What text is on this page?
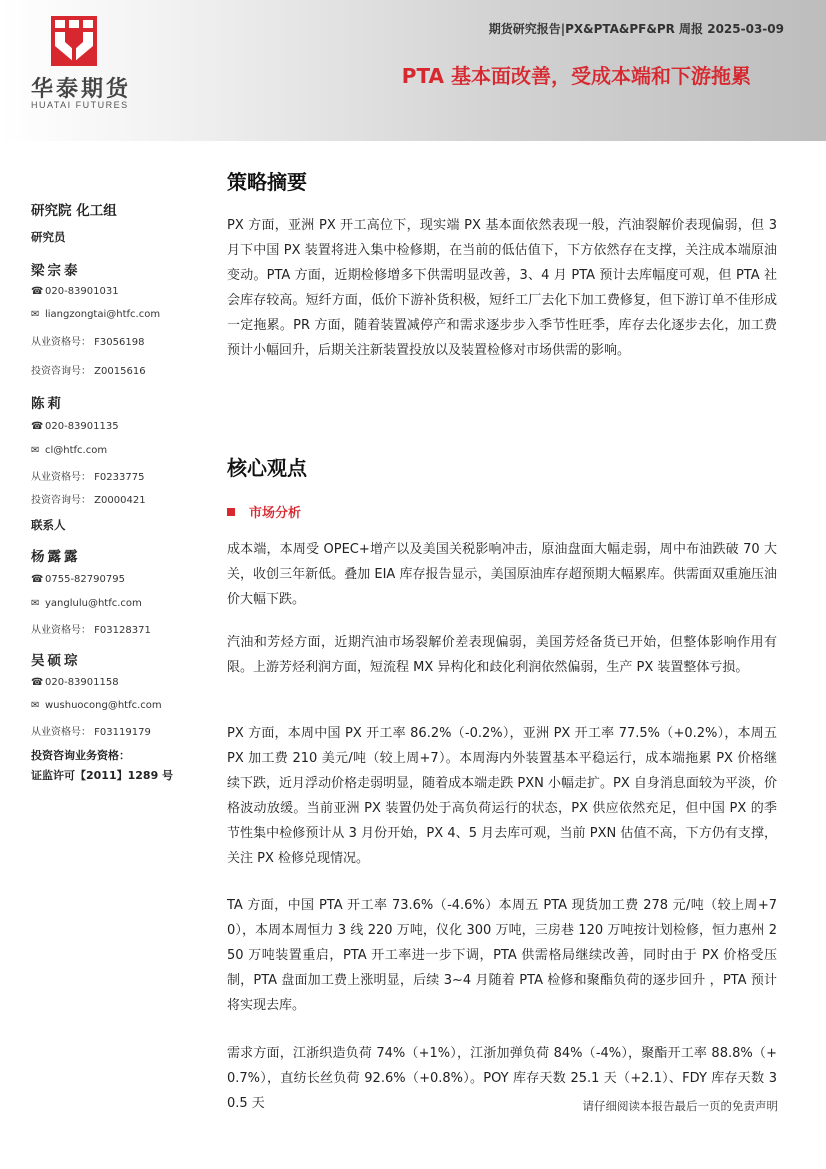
华泰期货
HUATAI FUTURES
期货研究报告|PX&PTA&PF&PR 周报 2025-03-09
PTA 基本面改善，受成本端和下游拖累
研究院 化工组
研究员
梁宗泰
☎ 020-83901031
✉ liangzongtai@htfc.com
从业资格号： F3056198
投资咨询号： Z0015616
陈莉
☎ 020-83901135
✉ cl@htfc.com
从业资格号： F0233775
投资咨询号： Z0000421
联系人
杨露露
☎ 0755-82790795
✉ yanglulu@htfc.com
从业资格号： F03128371
吴硕琮
☎ 020-83901158
✉ wushuocong@htfc.com
从业资格号： F03119179
投资咨询业务资格：
证监许可【2011】1289 号
策略摘要

PX 方面，亚洲 PX 开工高位下，现实端 PX 基本面依然表现一般，汽油裂解价表现偏弱，但 3 月下中国 PX 装置将进入集中检修期，在当前的低估值下，下方依然存在支撑，关注成本端原油变动。PTA 方面，近期检修增多下供需明显改善，3、4 月 PTA 预计去库幅度可观，但 PTA 社会库存较高。短纤方面，低价下游补货积极，短纤工厂去化下加工费修复，但下游订单不佳形成一定拖累。PR 方面，随着装置减停产和需求逐步步入季节性旺季，库存去化逐步去化，加工费预计小幅回升，后期关注新装置投放以及装置检修对市场供需的影响。

核心观点
市场分析

成本端，本周受 OPEC+增产以及美国关税影响冲击，原油盘面大幅走弱，周中布油跌破 70 大关，收创三年新低。叠加 EIA 库存报告显示，美国原油库存超预期大幅累库。供需面双重施压油价大幅下跌。

汽油和芳烃方面，近期汽油市场裂解价差表现偏弱，美国芳烃备货已开始，但整体影响作用有限。上游芳烃利润方面，短流程 MX 异构化和歧化利润依然偏弱，生产 PX 装置整体亏损。

PX 方面，本周中国 PX 开工率 86.2%（-0.2%），亚洲 PX 开工率 77.5%（+0.2%），本周五 PX 加工费 210 美元/吨（较上周+7）。本周海内外装置基本平稳运行，成本端拖累 PX 价格继续下跌，近月浮动价格走弱明显，随着成本端走跌 PXN 小幅走扩。PX 自身消息面较为平淡，价格波动放缓。当前亚洲 PX 装置仍处于高负荷运行的状态，PX 供应依然充足，但中国 PX 的季节性集中检修预计从 3 月份开始，PX 4、5 月去库可观，当前 PXN 估值不高，下方仍有支撑，关注 PX 检修兑现情况。

TA 方面，中国 PTA 开工率 73.6%（-4.6%）本周五 PTA 现货加工费 278 元/吨（较上周+70），本周本周恒力 3 线 220 万吨，仪化 300 万吨，三房巷 120 万吨按计划检修，恒力惠州 250 万吨装置重启，PTA 开工率进一步下调，PTA 供需格局继续改善，同时由于 PX 价格受压制，PTA 盘面加工费上涨明显，后续 3~4 月随着 PTA 检修和聚酯负荷的逐步回升 ，PTA 预计将实现去库。

需求方面，江浙织造负荷 74%（+1%），江浙加弹负荷 84%（-4%），聚酯开工率 88.8%（+0.7%），直纺长丝负荷 92.6%（+0.8%）。POY 库存天数 25.1 天（+2.1）、FDY 库存天数 30.5 天	请仔细阅读本报告最后一页的免责声明
